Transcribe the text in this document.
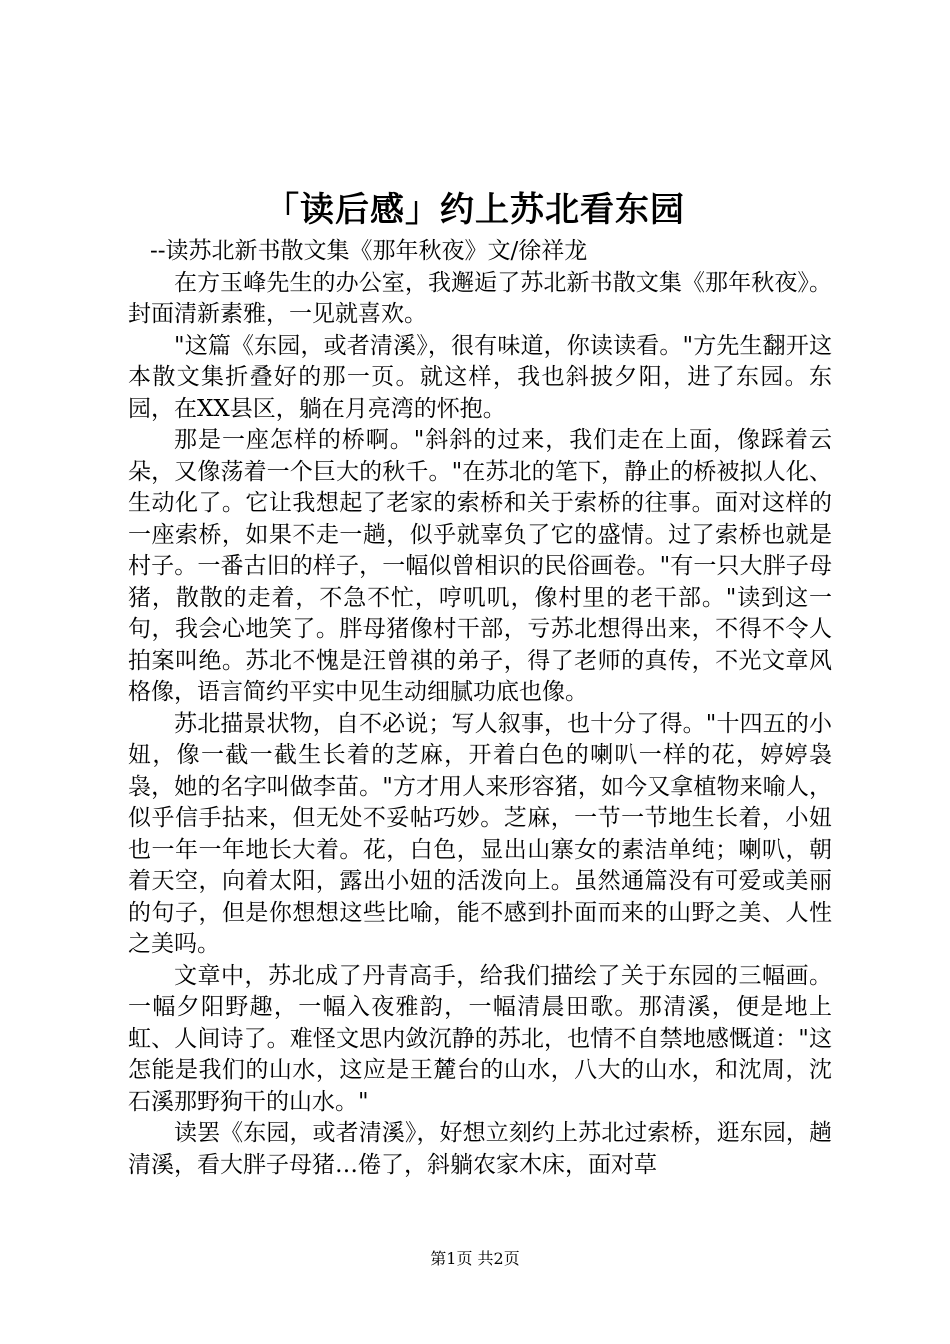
「读后感」约上苏北看东园

--读苏北新书散文集《那年秋夜》文/徐祥龙

在方玉峰先生的办公室，我邂逅了苏北新书散文集《那年秋夜》。封面清新素雅，一见就喜欢。

"这篇《东园，或者清溪》，很有味道，你读读看。"方先生翻开这本散文集折叠好的那一页。就这样，我也斜披夕阳，进了东园。东园，在XX县区，躺在月亮湾的怀抱。

那是一座怎样的桥啊。"斜斜的过来，我们走在上面，像踩着云朵，又像荡着一个巨大的秋千。"在苏北的笔下，静止的桥被拟人化、生动化了。它让我想起了老家的索桥和关于索桥的往事。面对这样的一座索桥，如果不走一趟，似乎就辜负了它的盛情。过了索桥也就是村子。一番古旧的样子，一幅似曾相识的民俗画卷。"有一只大胖子母猪，散散的走着，不急不忙，哼叽叽，像村里的老干部。"读到这一句，我会心地笑了。胖母猪像村干部，亏苏北想得出来，不得不令人拍案叫绝。苏北不愧是汪曾祺的弟子，得了老师的真传，不光文章风格像，语言简约平实中见生动细腻功底也像。

苏北描景状物，自不必说；写人叙事，也十分了得。"十四五的小妞，像一截一截生长着的芝麻，开着白色的喇叭一样的花，婷婷袅袅，她的名字叫做李苗。"方才用人来形容猪，如今又拿植物来喻人，似乎信手拈来，但无处不妥帖巧妙。芝麻，一节一节地生长着，小妞也一年一年地长大着。花，白色，显出山寨女的素洁单纯；喇叭，朝着天空，向着太阳，露出小妞的活泼向上。虽然通篇没有可爱或美丽的句子，但是你想想这些比喻，能不感到扑面而来的山野之美、人性之美吗。

文章中，苏北成了丹青高手，给我们描绘了关于东园的三幅画。一幅夕阳野趣，一幅入夜雅韵，一幅清晨田歌。那清溪，便是地上虹、人间诗了。难怪文思内敛沉静的苏北，也情不自禁地感慨道："这怎能是我们的山水，这应是王麓台的山水，八大的山水，和沈周，沈石溪那野狗干的山水。"

读罢《东园，或者清溪》，好想立刻约上苏北过索桥，逛东园，趟清溪，看大胖子母猪…倦了，斜躺农家木床，面对草

第1页 共2页
